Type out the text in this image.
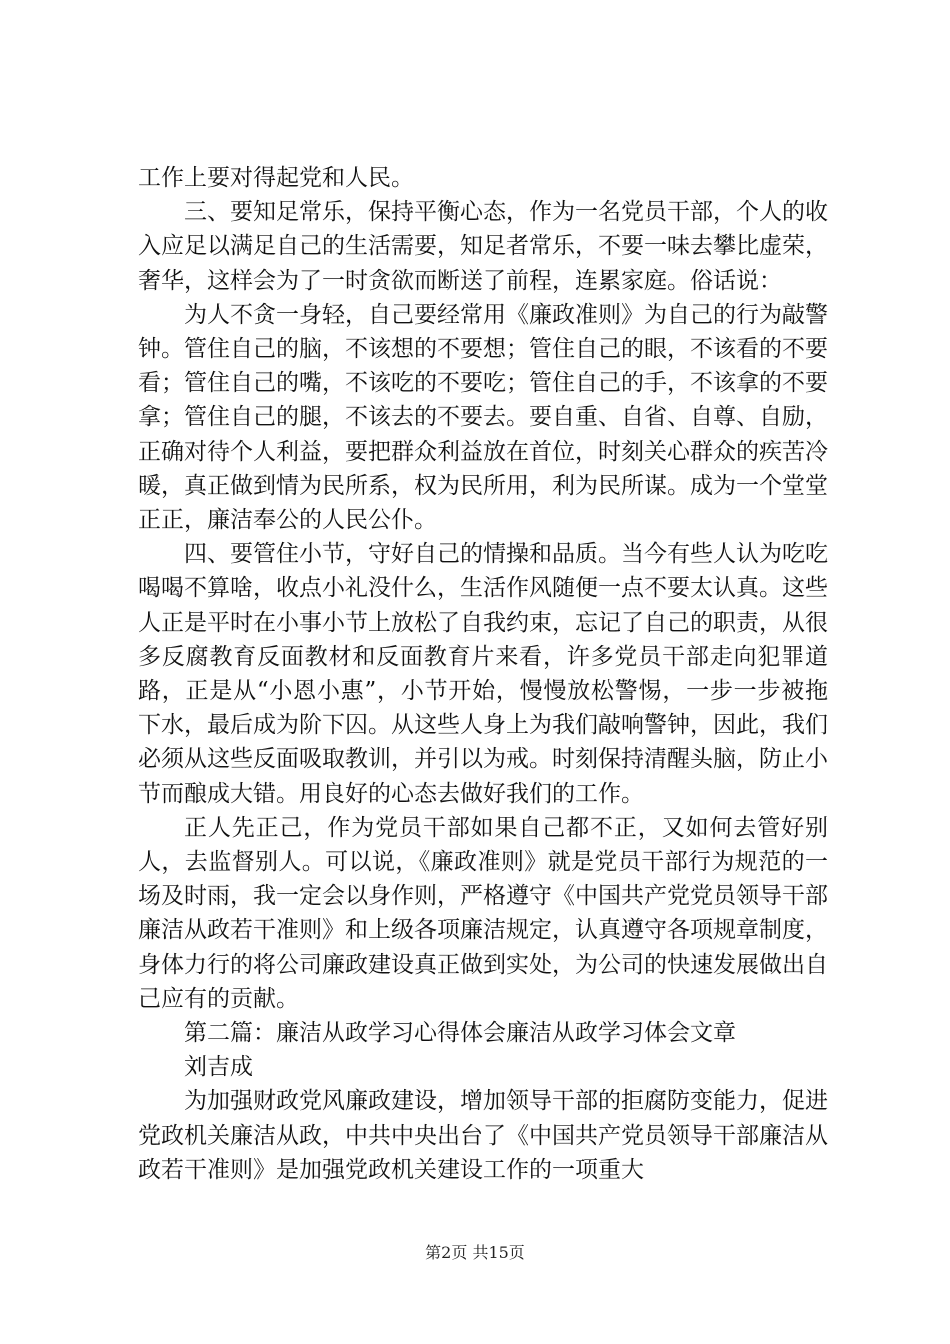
工作上要对得起党和人民。

三、要知足常乐，保持平衡心态，作为一名党员干部，个人的收入应足以满足自己的生活需要，知足者常乐，不要一味去攀比虚荣，奢华，这样会为了一时贪欲而断送了前程，连累家庭。俗话说：

为人不贪一身轻，自己要经常用《廉政准则》为自己的行为敲警钟。管住自己的脑，不该想的不要想；管住自己的眼，不该看的不要看；管住自己的嘴，不该吃的不要吃；管住自己的手，不该拿的不要拿；管住自己的腿，不该去的不要去。要自重、自省、自尊、自励，正确对待个人利益，要把群众利益放在首位，时刻关心群众的疾苦冷暖，真正做到情为民所系，权为民所用，利为民所谋。成为一个堂堂正正，廉洁奉公的人民公仆。

四、要管住小节，守好自己的情操和品质。当今有些人认为吃吃喝喝不算啥，收点小礼没什么，生活作风随便一点不要太认真。这些人正是平时在小事小节上放松了自我约束，忘记了自己的职责，从很多反腐教育反面教材和反面教育片来看，许多党员干部走向犯罪道路，正是从“小恩小惠”，小节开始，慢慢放松警惕，一步一步被拖下水，最后成为阶下囚。从这些人身上为我们敲响警钟，因此，我们必须从这些反面吸取教训，并引以为戒。时刻保持清醒头脑，防止小节而酿成大错。用良好的心态去做好我们的工作。

正人先正己，作为党员干部如果自己都不正，又如何去管好别人，去监督别人。可以说，《廉政准则》就是党员干部行为规范的一场及时雨，我一定会以身作则，严格遵守《中国共产党党员领导干部廉洁从政若干准则》和上级各项廉洁规定，认真遵守各项规章制度，身体力行的将公司廉政建设真正做到实处，为公司的快速发展做出自己应有的贡献。

第二篇：廉洁从政学习心得体会廉洁从政学习体会文章

刘吉成

为加强财政党风廉政建设，增加领导干部的拒腐防变能力，促进党政机关廉洁从政，中共中央出台了《中国共产党员领导干部廉洁从政若干准则》是加强党政机关建设工作的一项重大

第2页 共15页
